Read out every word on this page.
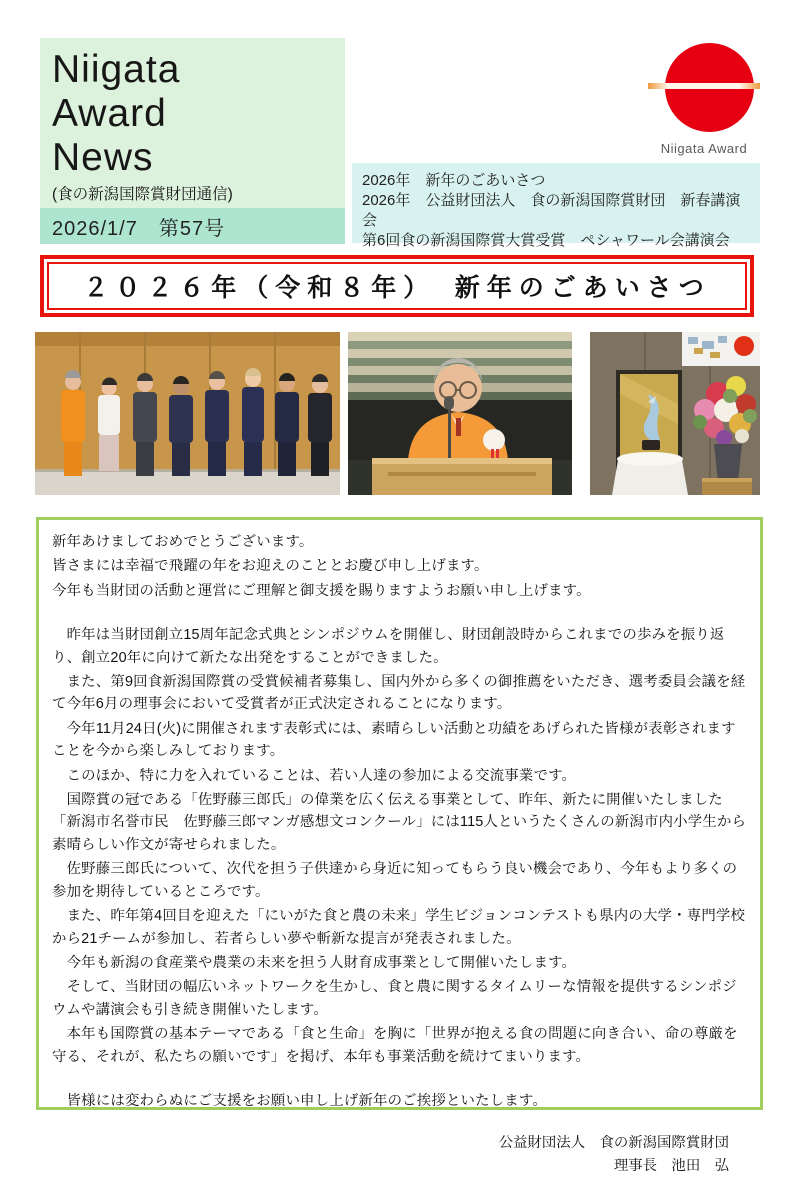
Niigata
Award
News
(食の新潟国際賞財団通信)
2026/1/7　第57号
Niigata Award
2026年　新年のごあいさつ
2026年　公益財団法人　食の新潟国際賞財団　新春講演会
第6回食の新潟国際賞大賞受賞　ペシャワール会講演会
２０２６年（令和８年）　新年のごあいさつ

新年あけましておめでとうございます。

皆さまには幸福で飛躍の年をお迎えのこととお慶び申し上げます。

今年も当財団の活動と運営にご理解と御支援を賜りますようお願い申し上げます。

　昨年は当財団創立15周年記念式典とシンポジウムを開催し、財団創設時からこれまでの歩みを振り返り、創立20年に向けて新たな出発をすることができました。

　また、第9回食新潟国際賞の受賞候補者募集し、国内外から多くの御推薦をいただき、選考委員会議を経て今年6月の理事会において受賞者が正式決定されることになります。

　今年11月24日(火)に開催されます表彰式には、素晴らしい活動と功績をあげられた皆様が表彰されますことを今から楽しみしております。

　このほか、特に力を入れていることは、若い人達の参加による交流事業です。

　国際賞の冠である「佐野藤三郎氏」の偉業を広く伝える事業として、昨年、新たに開催いたしました「新潟市名誉市民　佐野藤三郎マンガ感想文コンクール」には115人というたくさんの新潟市内小学生から素晴らしい作文が寄せられました。

　佐野藤三郎氏について、次代を担う子供達から身近に知ってもらう良い機会であり、今年もより多くの参加を期待しているところです。

　また、昨年第4回目を迎えた「にいがた食と農の未来」学生ビジョンコンテストも県内の大学・専門学校から21チームが参加し、若者らしい夢や斬新な提言が発表されました。

　今年も新潟の食産業や農業の未来を担う人財育成事業として開催いたします。

　そして、当財団の幅広いネットワークを生かし、食と農に関するタイムリーな情報を提供するシンポジウムや講演会も引き続き開催いたします。

　本年も国際賞の基本テーマである「食と生命」を胸に「世界が抱える食の問題に向き合い、命の尊厳を守る、それが、私たちの願いです」を掲げ、本年も事業活動を続けてまいります。

　皆様には変わらぬにご支援をお願い申し上げ新年のご挨拶といたします。

公益財団法人　食の新潟国際賞財団
理事長　池田　弘
